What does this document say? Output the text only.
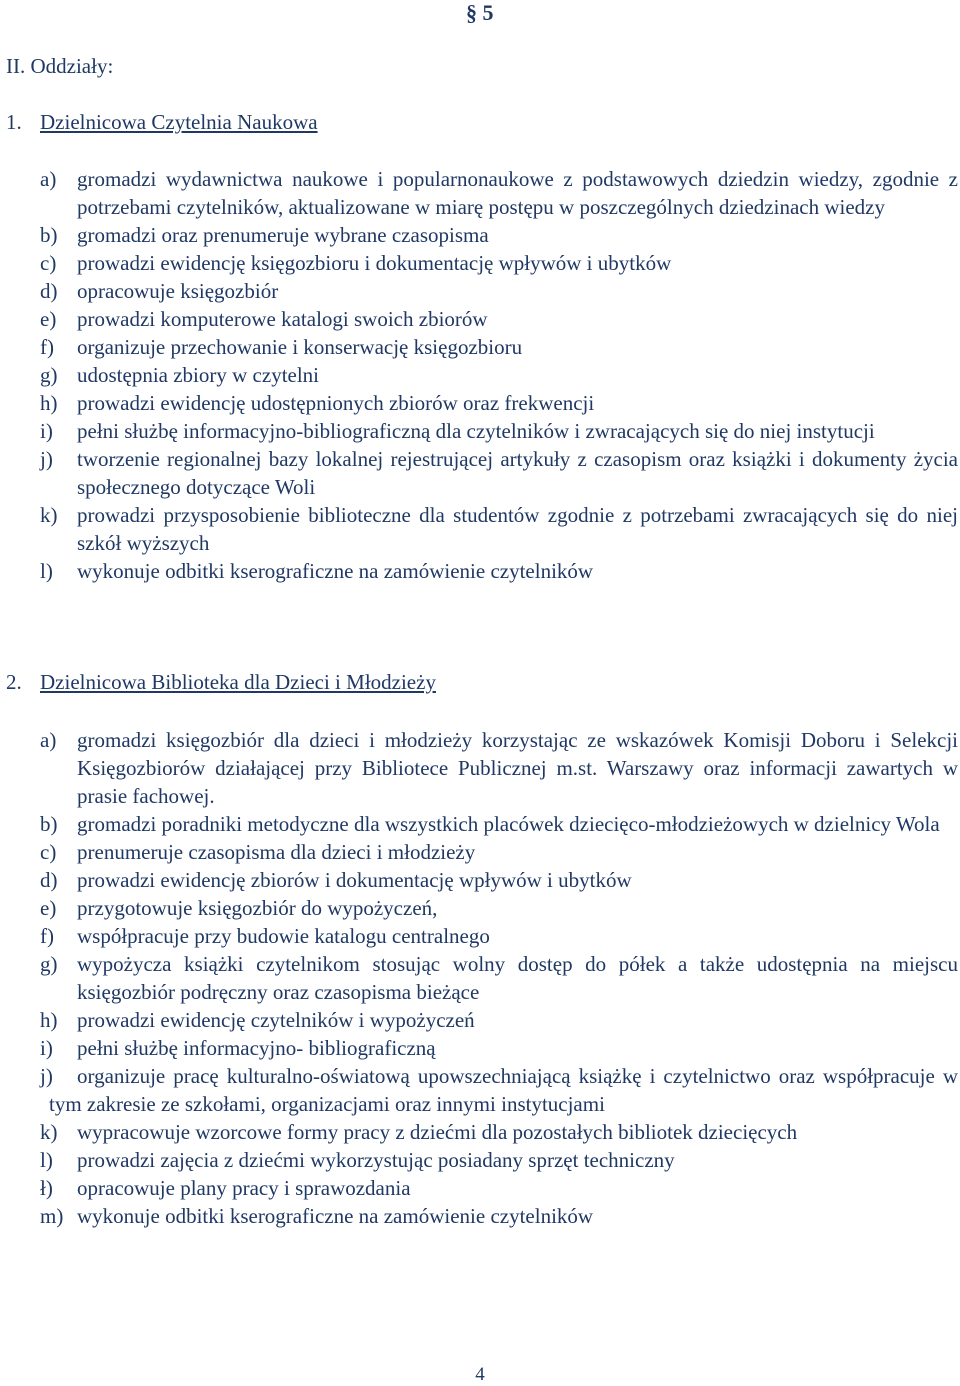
§ 5
II. Oddziały:
1. Dzielnicowa Czytelnia Naukowa
a) gromadzi wydawnictwa naukowe i popularnonaukowe z podstawowych dziedzin wiedzy, zgodnie z potrzebami czytelników, aktualizowane w miarę postępu w poszczególnych dziedzinach wiedzy
b) gromadzi oraz prenumeruje wybrane czasopisma
c) prowadzi ewidencję księgozbioru i dokumentację wpływów i ubytków
d) opracowuje księgozbiór
e) prowadzi komputerowe katalogi swoich zbiorów
f) organizuje przechowanie i konserwację księgozbioru
g) udostępnia zbiory w czytelni
h) prowadzi ewidencję udostępnionych zbiorów oraz frekwencji
i) pełni służbę informacyjno-bibliograficzną dla czytelników i zwracających się do niej instytucji
j) tworzenie regionalnej bazy lokalnej rejestrującej artykuły z czasopism oraz książki i dokumenty życia społecznego dotyczące Woli
k) prowadzi przysposobienie biblioteczne dla studentów zgodnie z potrzebami zwracających się do niej szkół wyższych
l) wykonuje odbitki kserograficzne na zamówienie czytelników
2. Dzielnicowa Biblioteka dla Dzieci i Młodzieży
a) gromadzi księgozbiór dla dzieci i młodzieży korzystając ze wskazówek Komisji Doboru i Selekcji Księgozbiorów działającej przy Bibliotece Publicznej m.st. Warszawy oraz informacji zawartych w prasie fachowej.
b) gromadzi poradniki metodyczne dla wszystkich placówek dziecięco-młodzieżowych w dzielnicy Wola
c) prenumeruje czasopisma dla dzieci i młodzieży
d) prowadzi ewidencję zbiorów i dokumentację wpływów i ubytków
e) przygotowuje księgozbiór do wypożyczeń,
f) współpracuje przy budowie katalogu centralnego
g) wypożycza książki czytelnikom stosując wolny dostęp do półek a także udostępnia na miejscu księgozbiór podręczny oraz czasopisma bieżące
h) prowadzi ewidencję czytelników i wypożyczeń
i) pełni służbę informacyjno- bibliograficzną
j)	organizuje pracę kulturalno-oświatową upowszechniającą książkę i czytelnictwo oraz współpracuje w tym zakresie ze szkołami, organizacjami oraz innymi instytucjami
k) wypracowuje wzorcowe formy pracy z dziećmi dla pozostałych bibliotek dziecięcych
l) prowadzi zajęcia z dziećmi wykorzystując posiadany sprzęt techniczny
ł) opracowuje plany pracy i sprawozdania
m) wykonuje odbitki kserograficzne na zamówienie czytelników
4
